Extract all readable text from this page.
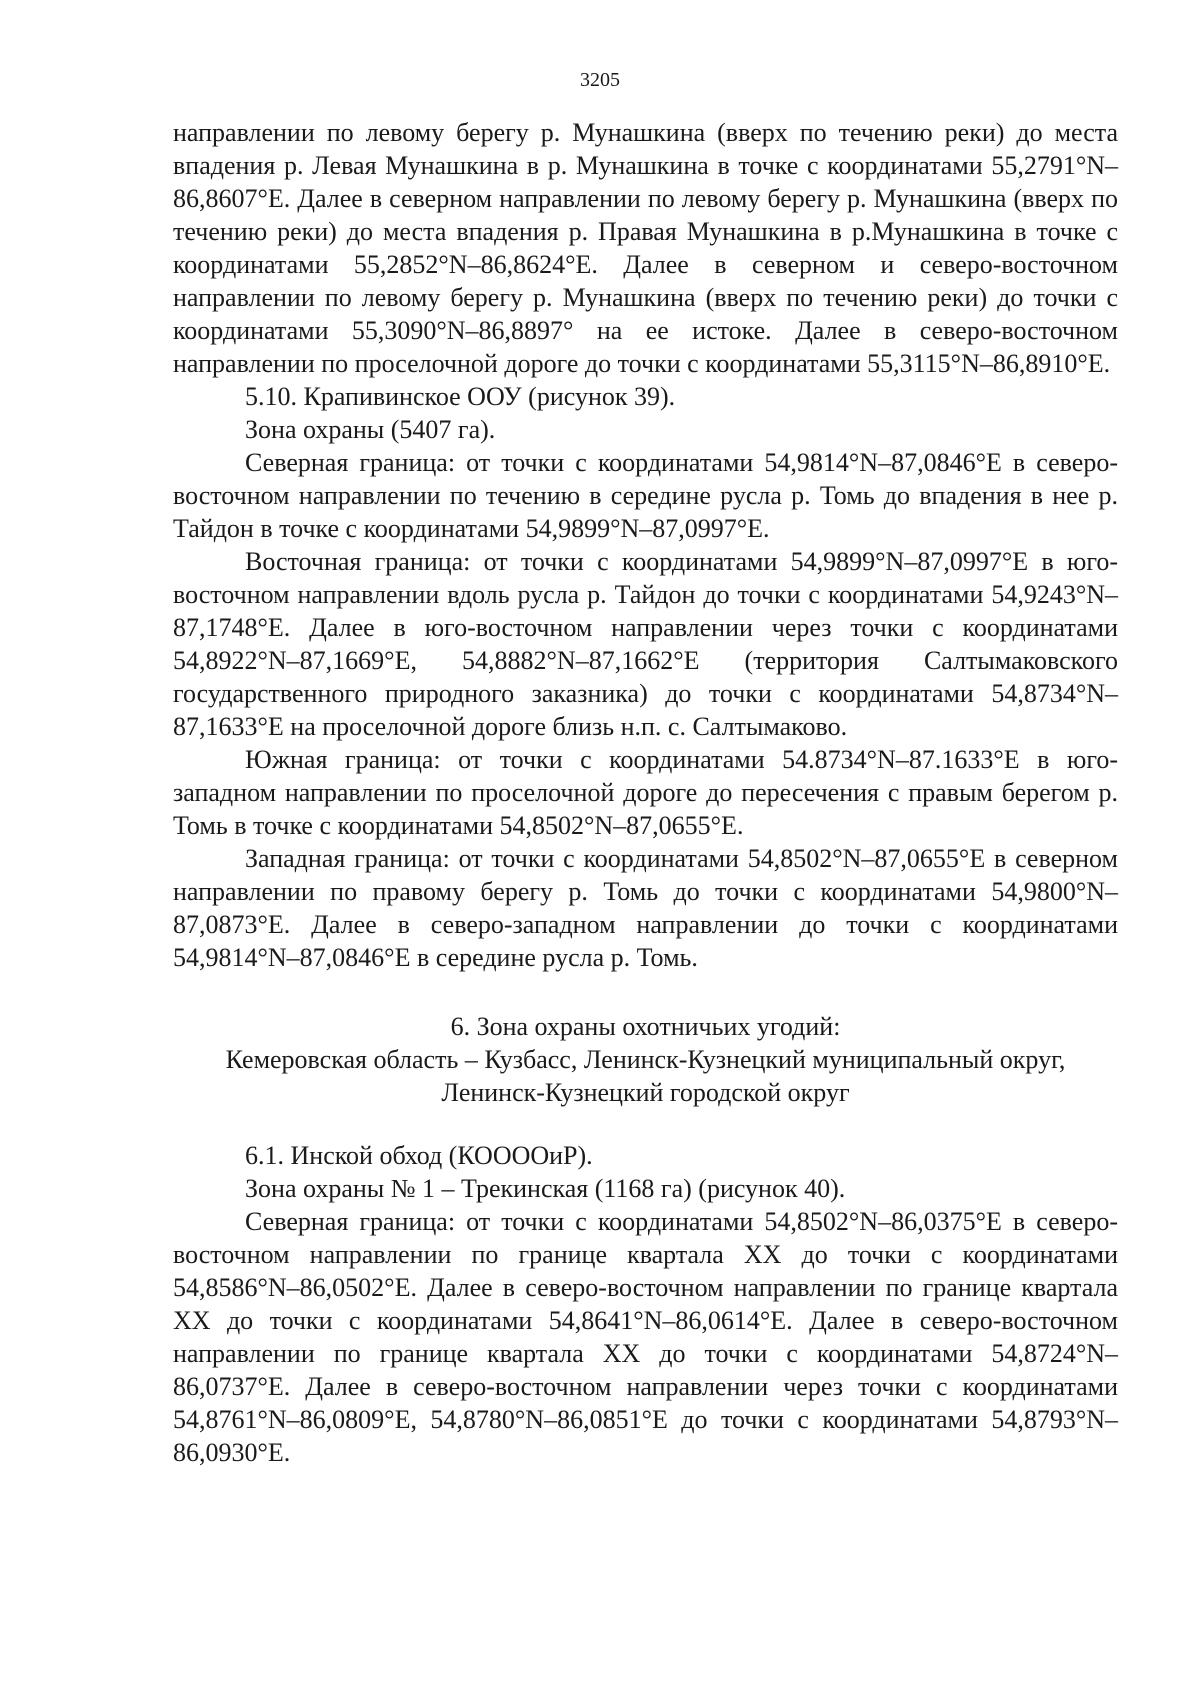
3205

направлении по левому берегу р. Мунашкина (вверх по течению реки) до места впадения р. Левая Мунашкина в р. Мунашкина в точке с координатами 55,2791°N–86,8607°E. Далее в северном направлении по левому берегу р. Мунашкина (вверх по течению реки) до места впадения р. Правая Мунашкина в р.Мунашкина в точке с координатами 55,2852°N–86,8624°E. Далее в северном и северо-восточном направлении по левому берегу р. Мунашкина (вверх по течению реки) до точки с координатами 55,3090°N–86,8897° на ее истоке. Далее в северо-восточном направлении по проселочной дороге до точки с координатами 55,3115°N–86,8910°E.

5.10. Крапивинское ООУ (рисунок 39).

Зона охраны (5407 га).

Северная граница: от точки с координатами 54,9814°N–87,0846°E в северо-восточном направлении по течению в середине русла р. Томь до впадения в нее р. Тайдон в точке с координатами 54,9899°N–87,0997°E.

Восточная граница: от точки с координатами 54,9899°N–87,0997°E в юго-восточном направлении вдоль русла р. Тайдон до точки с координатами 54,9243°N–87,1748°E. Далее в юго-восточном направлении через точки с координатами 54,8922°N–87,1669°E, 54,8882°N–87,1662°E (территория Салтымаковского государственного природного заказника) до точки с координатами 54,8734°N–87,1633°E на проселочной дороге близь н.п. с. Салтымаково.

Южная граница: от точки с координатами 54.8734°N–87.1633°E в юго-западном направлении по проселочной дороге до пересечения с правым берегом р. Томь в точке с координатами 54,8502°N–87,0655°E.

Западная граница: от точки с координатами 54,8502°N–87,0655°E в северном направлении по правому берегу р. Томь до точки с координатами 54,9800°N–87,0873°E. Далее в северо-западном направлении до точки с координатами 54,9814°N–87,0846°E в середине русла р. Томь.

6. Зона охраны охотничьих угодий:
Кемеровская область – Кузбасс, Ленинск-Кузнецкий муниципальный округ,
Ленинск-Кузнецкий городской округ

6.1. Инской обход (КООООиР).

Зона охраны № 1 – Трекинская (1168 га) (рисунок 40).

Северная граница: от точки с координатами 54,8502°N–86,0375°E в северо-восточном направлении по границе квартала XX до точки с координатами 54,8586°N–86,0502°E. Далее в северо-восточном направлении по границе квартала XX до точки с координатами 54,8641°N–86,0614°E. Далее в северо-восточном направлении по границе квартала XX до точки с координатами 54,8724°N–86,0737°E. Далее в северо-восточном направлении через точки с координатами 54,8761°N–86,0809°E, 54,8780°N–86,0851°E до точки с координатами 54,8793°N–86,0930°E.
